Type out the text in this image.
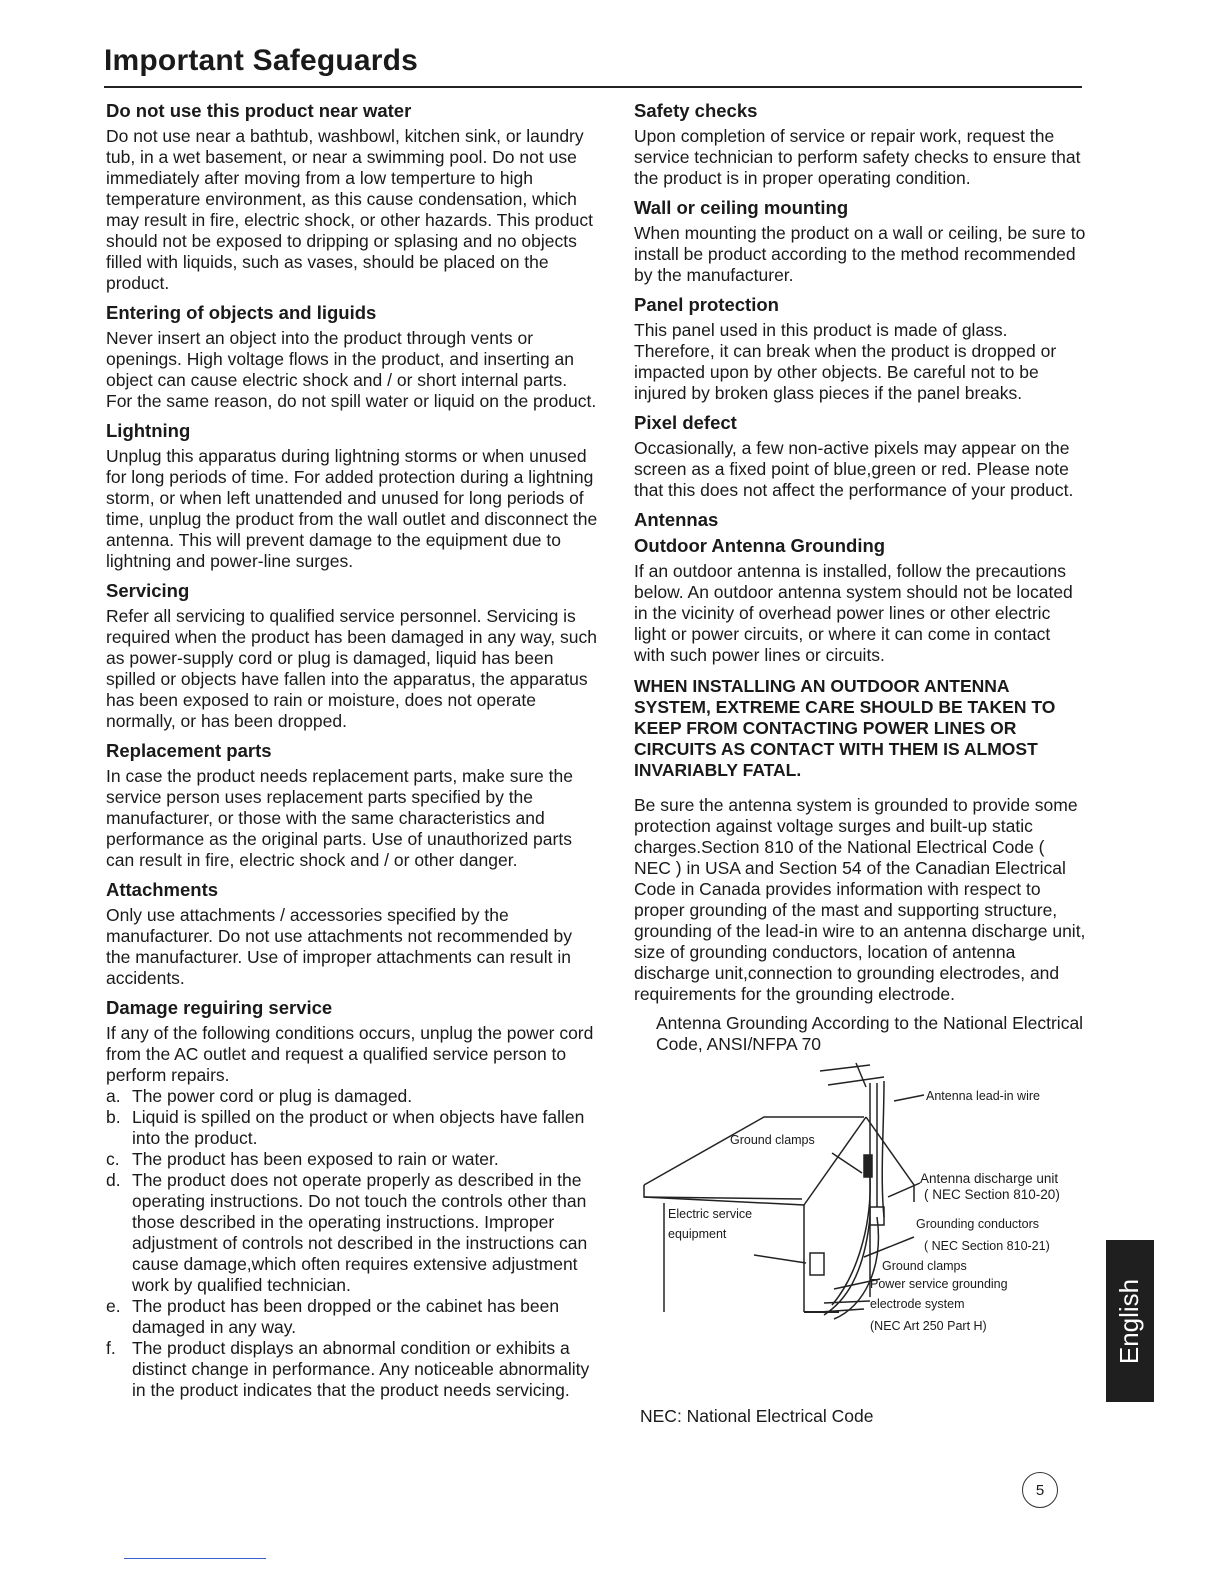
Important Safeguards
Do not use this product near water

Do not use near a bathtub, washbowl, kitchen sink, or laundry tub, in a wet basement, or near a swimming pool. Do not use immediately after moving from a low temperture to high temperature environment, as this cause condensation, which may result in fire, electric shock, or other hazards. This product should not be exposed to dripping or splasing and no objects filled with liquids, such as vases, should be placed on the product.

Entering of objects and liguids

Never insert an object into the product through vents or openings. High voltage flows in the product, and inserting an object can cause electric shock and / or short internal parts. For the same reason, do not spill water or liquid on the product.

Lightning

Unplug this apparatus during lightning storms or when unused for long periods of time. For added protection during a lightning storm, or when left unattended and unused for long periods of time, unplug the product from the wall outlet and disconnect the antenna. This will prevent damage to the equipment due to lightning and power-line surges.

Servicing

Refer all servicing to qualified service personnel. Servicing is required when the product has been damaged in any way, such as power-supply cord or plug is damaged, liquid has been spilled or objects have fallen into the apparatus, the apparatus has been exposed to rain or moisture, does not operate normally, or has been dropped.

Replacement parts

In case the product needs replacement parts, make sure the service person uses replacement parts specified by the manufacturer, or those with the same characteristics and performance as the original parts. Use of unauthorized parts can result in fire, electric shock and / or other danger.

Attachments

Only use attachments / accessories specified by the manufacturer. Do not use attachments not recommended by the manufacturer. Use of improper attachments can result in accidents.

Damage reguiring service

If any of the following conditions occurs, unplug the power cord from the AC outlet and request a qualified service person to perform repairs.

a. The power cord or plug is damaged.
b. Liquid is spilled on the product or when objects have fallen into the product.
c. The product has been exposed to rain or water.
d. The product does not operate properly as described in the operating instructions. Do not touch the controls other than those described in the operating instructions. Improper adjustment of controls not described in the instructions can cause damage,which often requires extensive adjustment work by qualified technician.
e. The product has been dropped or the cabinet has been damaged in any way.
f. The product displays an abnormal condition or exhibits a distinct change in performance. Any noticeable abnormality in the product indicates that the product needs servicing.
Safety checks

Upon completion of service or repair work, request the service technician to perform safety checks to ensure that the product is in proper operating condition.

Wall or ceiling mounting

When mounting the product on a wall or ceiling, be sure to install be product according to the method recommended by the manufacturer.

Panel protection

This panel used in this product is made of glass. Therefore, it can break when the product is dropped or impacted upon by other objects. Be careful not to be injured by broken glass pieces if the panel breaks.

Pixel defect

Occasionally, a few non-active pixels may appear on the screen as a fixed point of blue,green or red. Please note that this does not affect the performance of your product.

Antennas
Outdoor Antenna Grounding

If an outdoor antenna is installed, follow the precautions below. An outdoor antenna system should not be located in the vicinity of overhead power lines or other electric light or power circuits, or where it can come in contact with such power lines or circuits.

WHEN INSTALLING AN OUTDOOR ANTENNA SYSTEM, EXTREME CARE SHOULD BE TAKEN TO KEEP FROM CONTACTING POWER LINES OR CIRCUITS AS CONTACT WITH THEM IS ALMOST INVARIABLY FATAL.

Be sure the antenna system is grounded to provide some protection against voltage surges and built-up static charges.Section 810 of the National Electrical Code ( NEC ) in USA and Section 54 of the Canadian Electrical Code in Canada provides information with respect to proper grounding of the mast and supporting structure, grounding of the lead-in wire to an antenna discharge unit, size of grounding conductors, location of antenna discharge unit,connection to grounding electrodes, and requirements for the grounding electrode.

Antenna Grounding According to the National Electrical Code, ANSI/NFPA 70

Antenna lead-in wire
Ground clamps
Antenna discharge unit
( NEC Section 810-20)
Electric service
equipment
Grounding conductors
( NEC Section 810-21)
Ground clamps
Power service grounding
electrode system
(NEC Art 250 Part H)
NEC: National Electrical Code
5
English
